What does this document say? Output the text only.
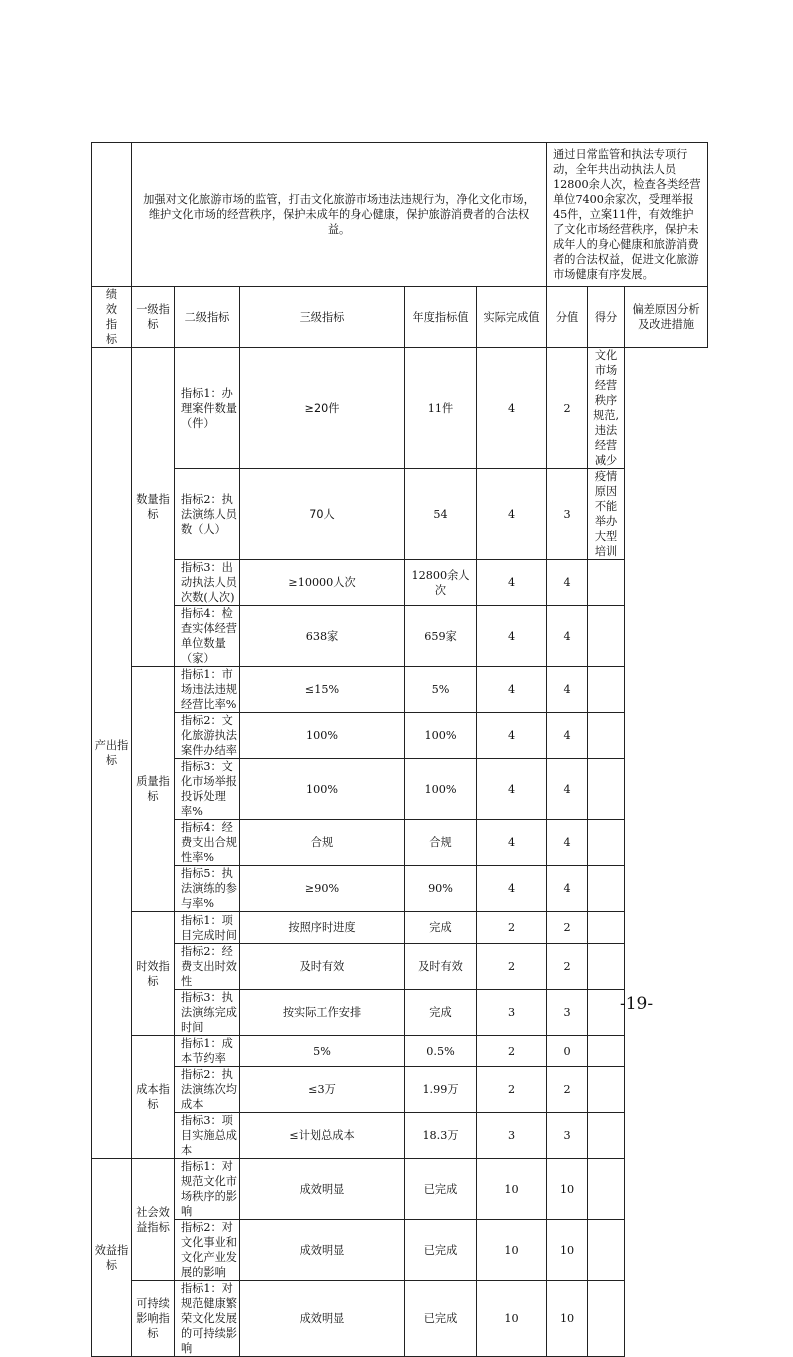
	加强对文化旅游市场的监管，打击文化旅游市场违法违规行为，净化文化市场，维护文化市场的经营秩序，保护未成年的身心健康，保护旅游消费者的合法权益。					通过日常监管和执法专项行动，全年共出动执法人员12800余人次，检查各类经营单位7400余家次，受理举报45件，立案11件，有效维护了文化市场经营秩序，保护未成年人的身心健康和旅游消费者的合法权益，促进文化旅游市场健康有序发展。		

绩
效
指
标	一级指标	二级指标	三级指标	年度指标值	实际完成值	分值	得分	偏差原因分析及改进措施
产出指标	数量指标	指标1：办理案件数量（件）	≥20件	11件	4	2	文化市场经营秩序规范,违法经营减少	
		指标2：执法演练人员数（人）	70人	54	4	3	疫情原因不能举办大型培训	
		指标3：出动执法人员次数(人次)	≥10000人次	12800余人次	4	4		
		指标4：检查实体经营单位数量（家）	638家	659家	4	4		
	质量指标	指标1：市场违法违规经营比率%	≤15%	5%	4	4		
		指标2：文化旅游执法案件办结率	100%	100%	4	4		
		指标3：文化市场举报投诉处理率%	100%	100%	4	4		
		指标4：经费支出合规性率%	合规	合规	4	4		
		指标5：执法演练的参与率%	≥90%	90%	4	4		
	时效指标	指标1：项目完成时间	按照序时进度	完成	2	2		
		指标2：经费支出时效性	及时有效	及时有效	2	2		
		指标3：执法演练完成时间	按实际工作安排	完成	3	3		
	成本指标	指标1：成本节约率	5%	0.5%	2	0		
		指标2：执法演练次均成本	≤3万	1.99万	2	2		
		指标3：项目实施总成本	≤计划总成本	18.3万	3	3		
效益指标	社会效益指标	指标1：对规范文化市场秩序的影响	成效明显	已完成	10	10		
		指标2：对文化事业和文化产业发展的影响	成效明显	已完成	10	10		
	可持续影响指标	指标1：对规范健康繁荣文化发展的可持续影响	成效明显	已完成	10	10		
-19-
